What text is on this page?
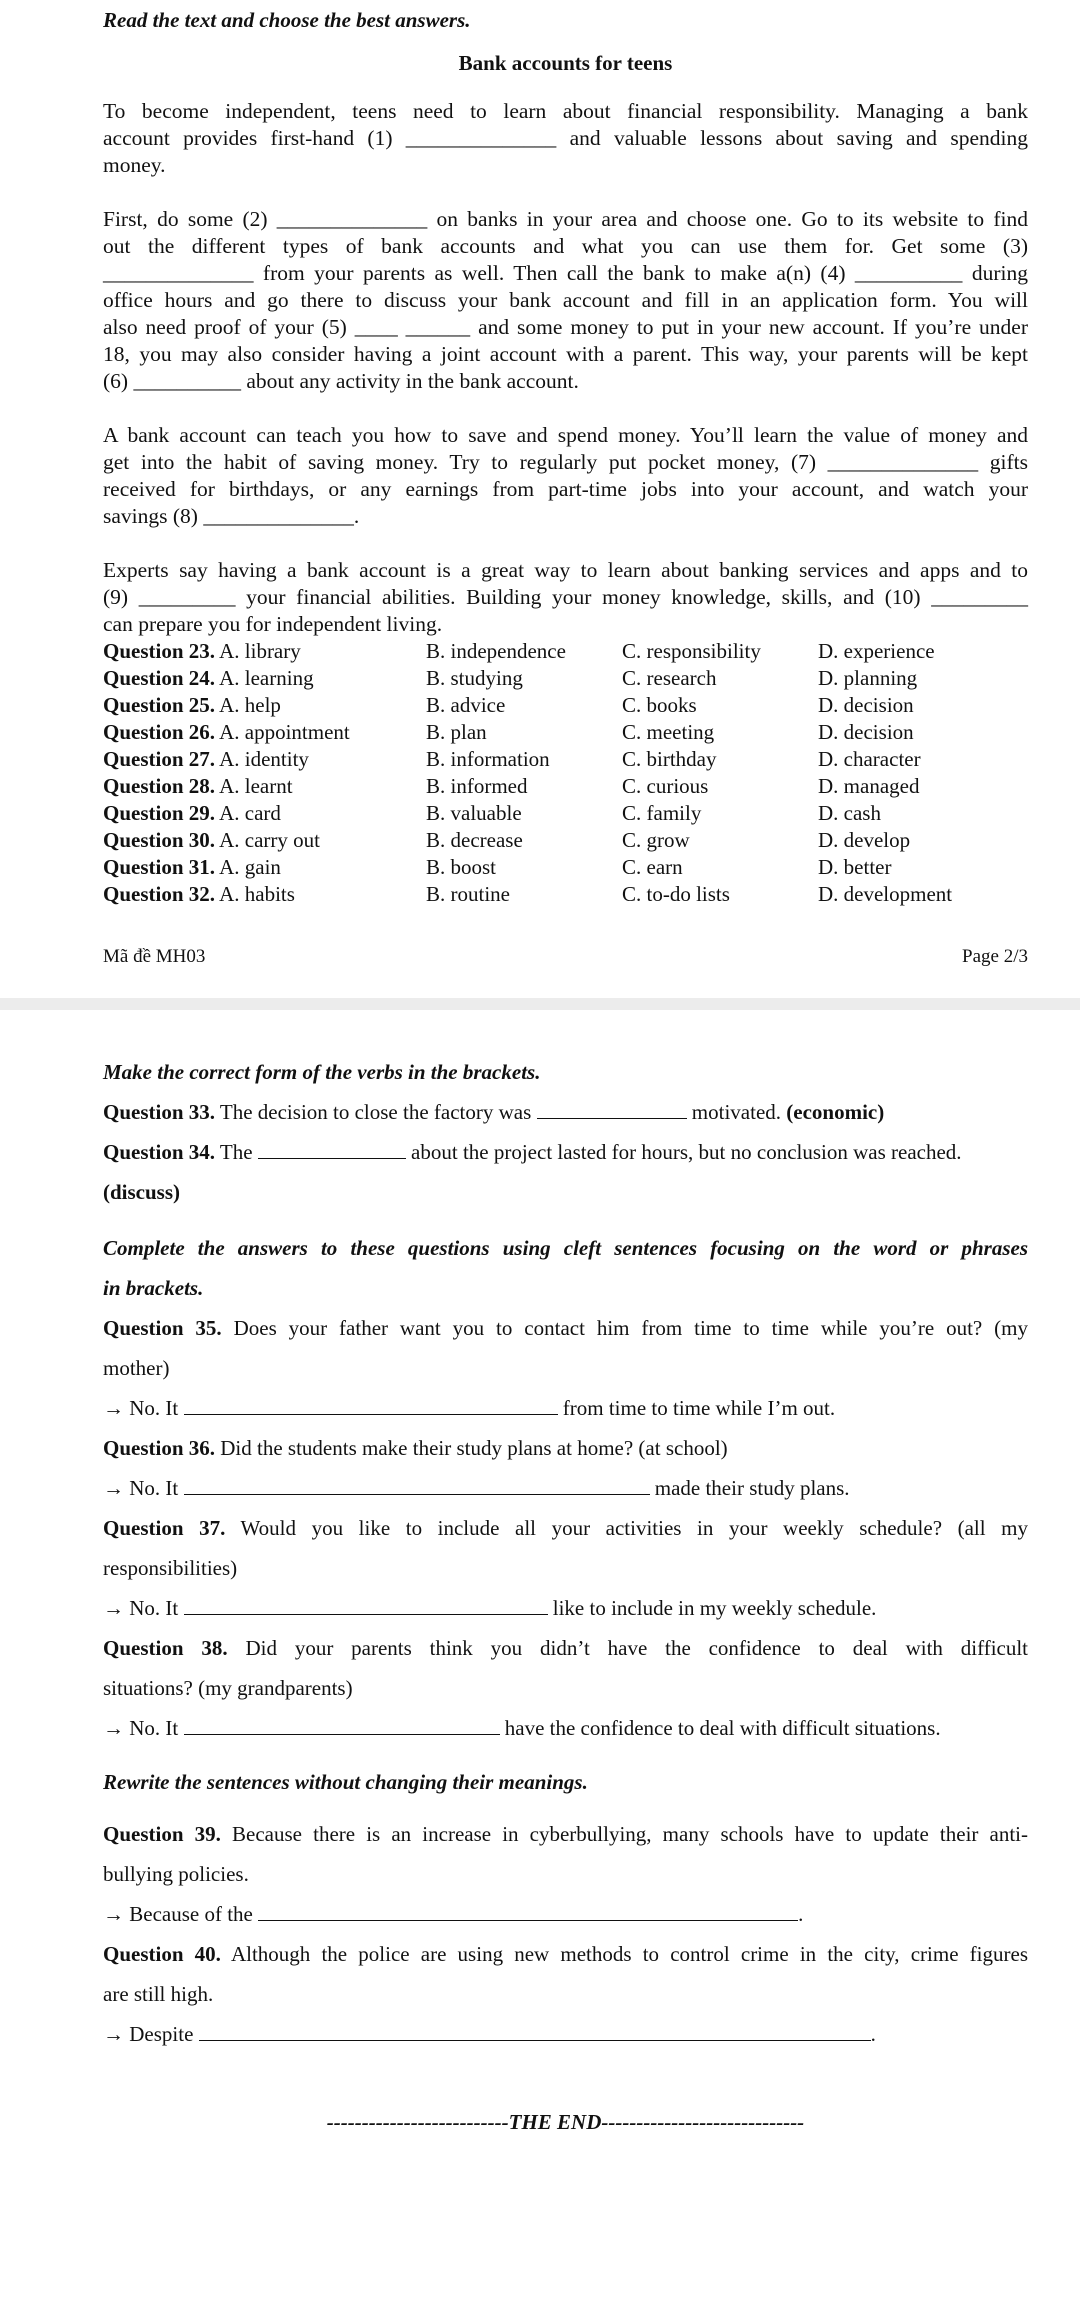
Read the text and choose the best answers.
Bank accounts for teens
To become independent, teens need to learn about financial responsibility. Managing a bank
account provides first-hand (1) ______________ and valuable lessons about saving and spending
money.
First, do some (2) ______________ on banks in your area and choose one. Go to its website to find
out the different types of bank accounts and what you can use them for. Get some (3)
______________ from your parents as well. Then call the bank to make a(n) (4) __________ during
office hours and go there to discuss your bank account and fill in an application form. You will
also need proof of your (5) ____ ______ and some money to put in your new account. If you’re under
18, you may also consider having a joint account with a parent. This way, your parents will be kept
(6) __________ about any activity in the bank account.
A bank account can teach you how to save and spend money. You’ll learn the value of money and
get into the habit of saving money. Try to regularly put pocket money, (7) ______________ gifts
received for birthdays, or any earnings from part-time jobs into your account, and watch your
savings (8) ______________.
Experts say having a bank account is a great way to learn about banking services and apps and to
(9) _________ your financial abilities. Building your money knowledge, skills, and (10) _________
can prepare you for independent living.
Question 23. A. library	B. independence	C. responsibility	D. experience
Question 24. A. learning	B. studying	C. research	D. planning
Question 25. A. help	B. advice	C. books	D. decision
Question 26. A. appointment	B. plan	C. meeting	D. decision
Question 27. A. identity	B. information	C. birthday	D. character
Question 28. A. learnt	B. informed	C. curious	D. managed
Question 29. A. card	B. valuable	C. family	D. cash
Question 30. A. carry out	B. decrease	C. grow	D. develop
Question 31. A. gain	B. boost	C. earn	D. better
Question 32. A. habits	B. routine	C. to-do lists	D. development
Mã đề MH03	Page 2/3
Make the correct form of the verbs in the brackets.
Question 33. The decision to close the factory was	motivated. (economic)
Question 34. The	about the project lasted for hours, but no conclusion was reached.
(discuss)
Complete the answers to these questions using cleft sentences focusing on the word or phrases
in brackets.
Question 35. Does your father want you to contact him from time to time while you’re out? (my
mother)
→ No. It	from time to time while I’m out.
Question 36. Did the students make their study plans at home? (at school)
→ No. It	made their study plans.
Question 37. Would you like to include all your activities in your weekly schedule? (all my
responsibilities)
→ No. It	like to include in my weekly schedule.
Question 38. Did your parents think you didn’t have the confidence to deal with difficult
situations? (my grandparents)
→ No. It	have the confidence to deal with difficult situations.
Rewrite the sentences without changing their meanings.
Question 39. Because there is an increase in cyberbullying, many schools have to update their anti-
bullying policies.
→ Because of the	.
Question 40. Although the police are using new methods to control crime in the city, crime figures
are still high.
→ Despite	.
--------------------------THE END-----------------------------
